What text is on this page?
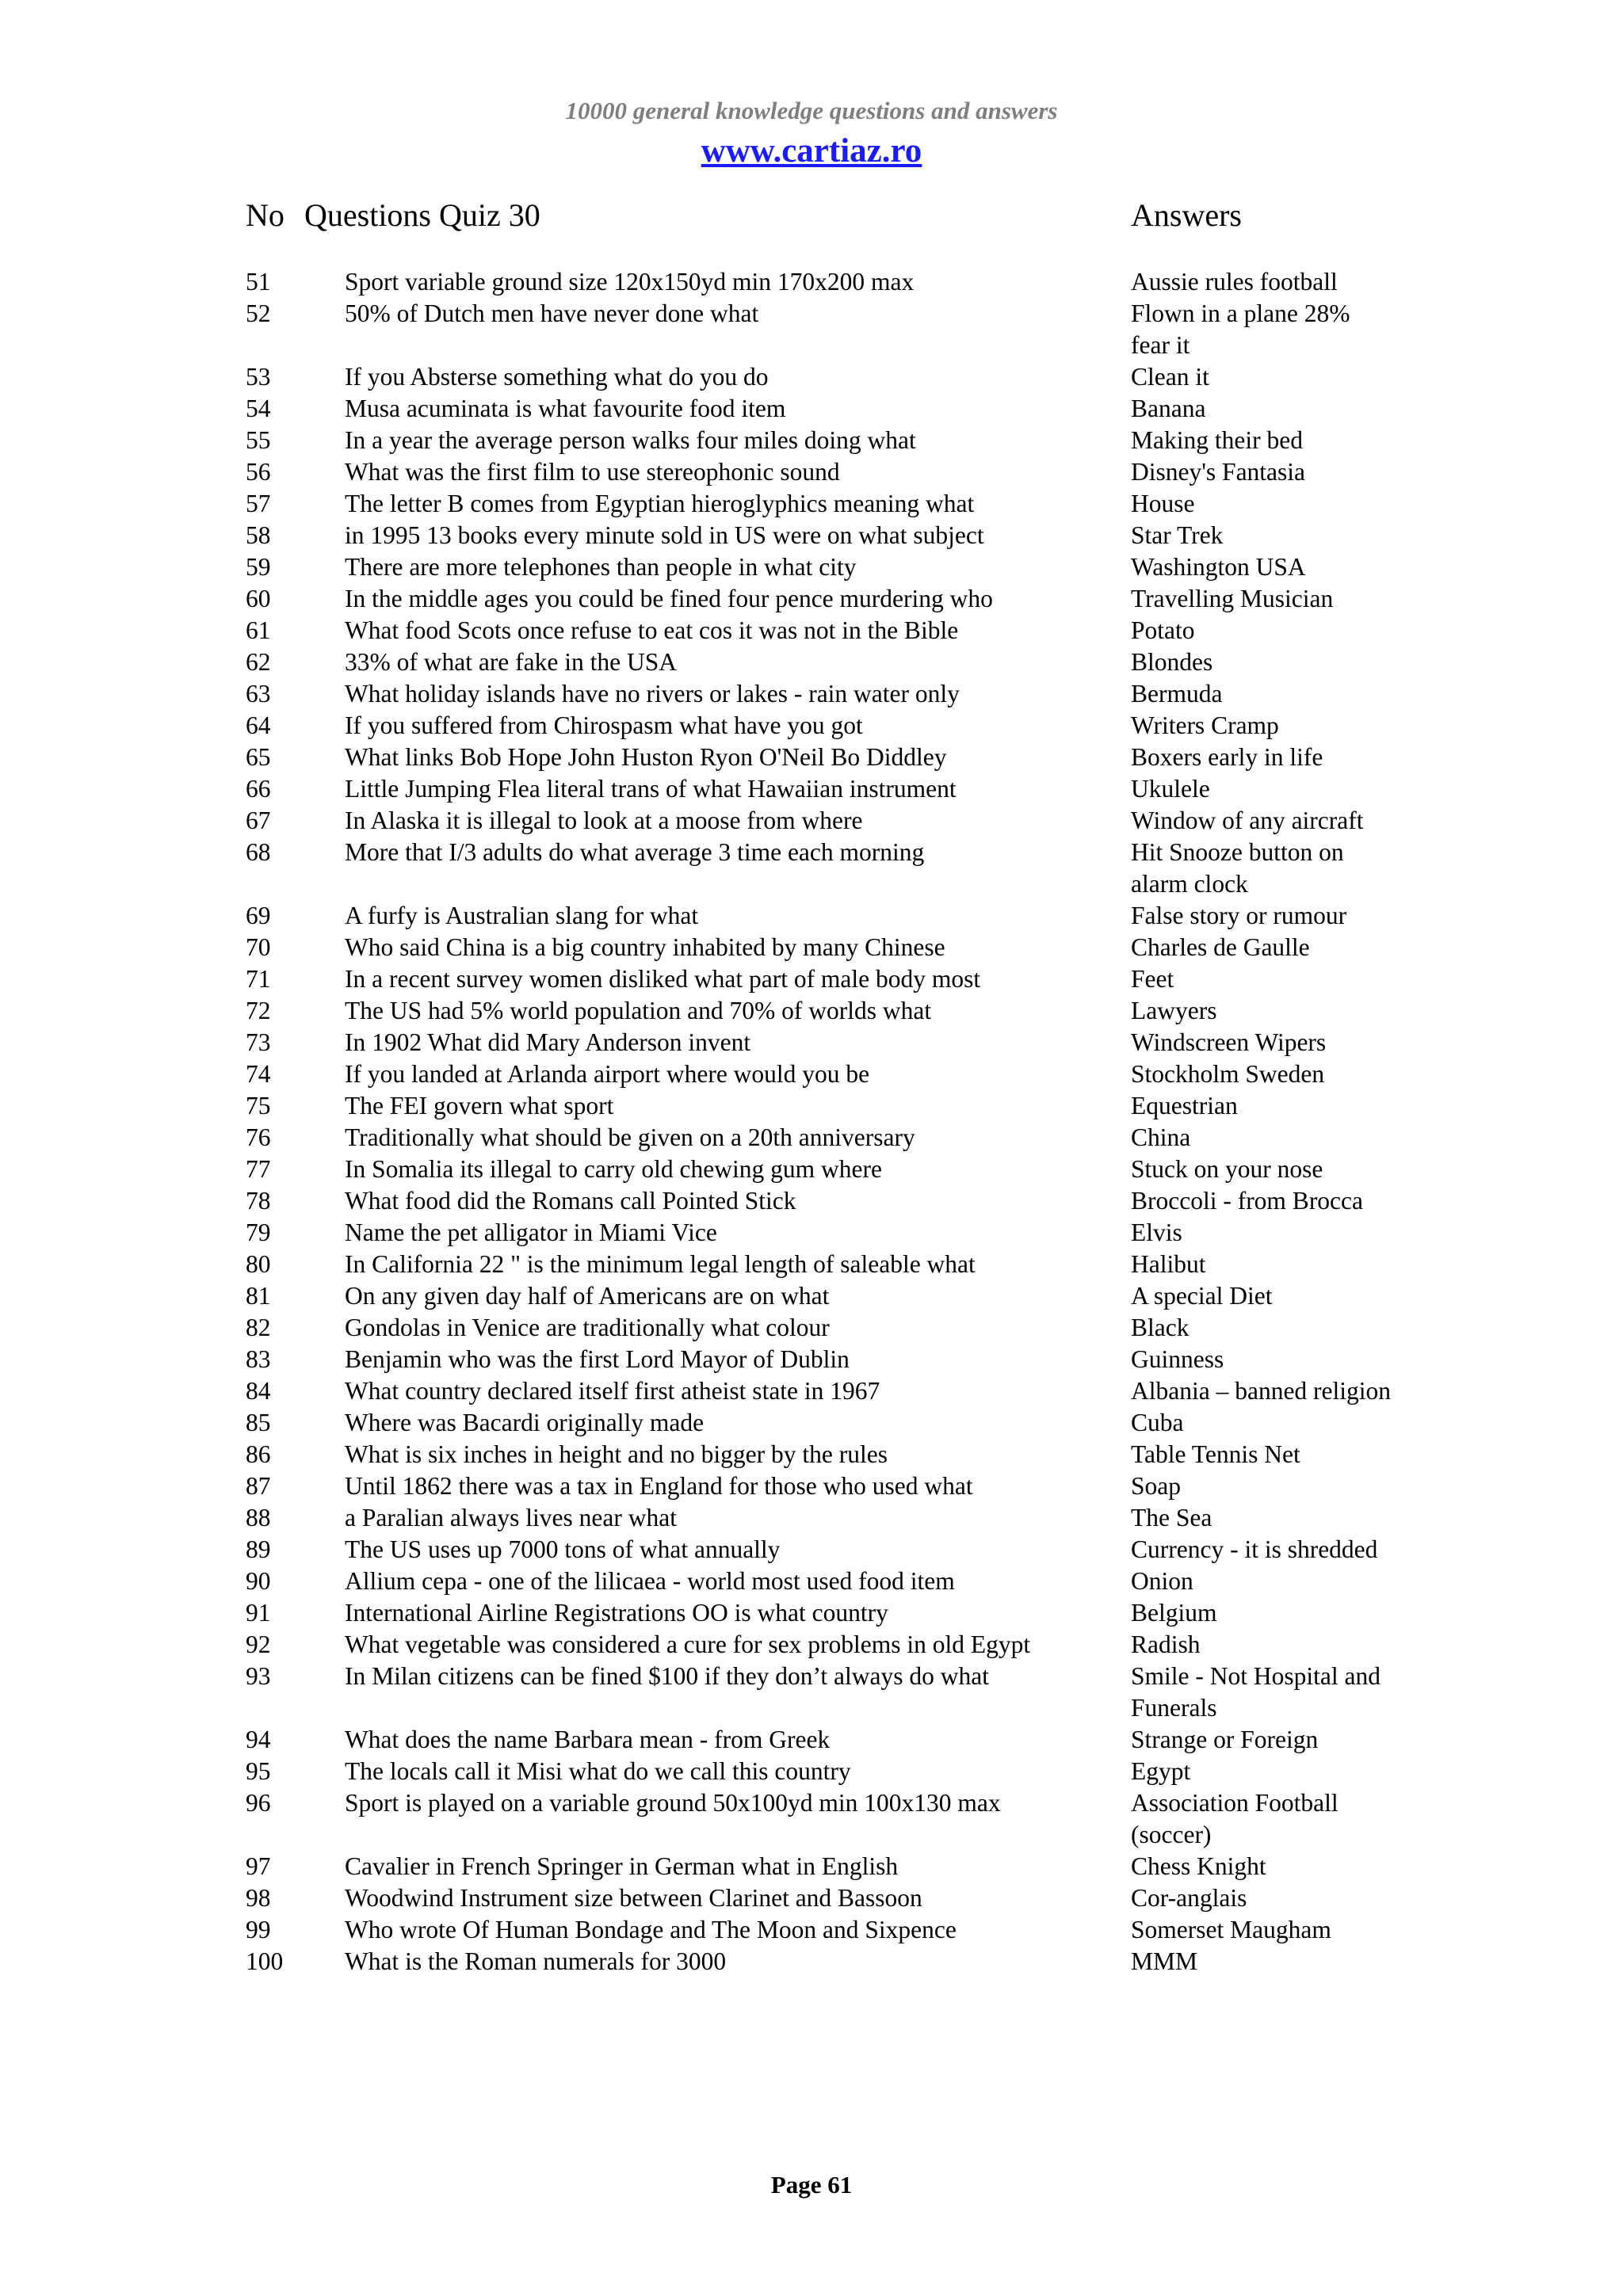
10000 general knowledge questions and answers
www.cartiaz.ro
No Questions Quiz 30	Answers
51	Sport variable ground size 120x150yd min 170x200 max	Aussie rules football
52	50% of Dutch men have never done what	Flown in a plane 28% fear it
53	If you Absterse something what do you do	Clean it
54	Musa acuminata is what favourite food item	Banana
55	In a year the average person walks four miles doing what	Making their bed
56	What was the first film to use stereophonic sound	Disney's Fantasia
57	The letter B comes from Egyptian hieroglyphics meaning what	House
58	in 1995 13 books every minute sold in US were on what subject	Star Trek
59	There are more telephones than people in what city	Washington USA
60	In the middle ages you could be fined four pence murdering who	Travelling Musician
61	What food Scots once refuse to eat cos it was not in the Bible	Potato
62	33% of what are fake in the USA	Blondes
63	What holiday islands have no rivers or lakes - rain water only	Bermuda
64	If you suffered from Chirospasm what have you got	Writers Cramp
65	What links Bob Hope John Huston Ryon O'Neil Bo Diddley	Boxers early in life
66	Little Jumping Flea literal trans of what Hawaiian instrument	Ukulele
67	In Alaska it is illegal to look at a moose from where	Window of any aircraft
68	More that I/3 adults do what average 3 time each morning	Hit Snooze button on alarm clock
69	A furfy is Australian slang for what	False story or rumour
70	Who said China is a big country inhabited by many Chinese	Charles de Gaulle
71	In a recent survey women disliked what part of male body most	Feet
72	The US had 5% world population and 70% of worlds what	Lawyers
73	In 1902 What did Mary Anderson invent	Windscreen Wipers
74	If you landed at Arlanda airport where would you be	Stockholm Sweden
75	The FEI govern what sport	Equestrian
76	Traditionally what should be given on a 20th anniversary	China
77	In Somalia its illegal to carry old chewing gum where	Stuck on your nose
78	What food did the Romans call Pointed Stick	Broccoli - from Brocca
79	Name the pet alligator in Miami Vice	Elvis
80	In California 22 " is the minimum legal length of saleable what	Halibut
81	On any given day half of Americans are on what	A special Diet
82	Gondolas in Venice are traditionally what colour	Black
83	Benjamin who was the first Lord Mayor of Dublin	Guinness
84	What country declared itself first atheist state in 1967	Albania – banned religion
85	Where was Bacardi originally made	Cuba
86	What is six inches in height and no bigger by the rules	Table Tennis Net
87	Until 1862 there was a tax in England for those who used what	Soap
88	a Paralian always lives near what	The Sea
89	The US uses up 7000 tons of what annually	Currency - it is shredded
90	Allium cepa - one of the lilicaea - world most used food item	Onion
91	International Airline Registrations OO is what country	Belgium
92	What vegetable was considered a cure for sex problems in old Egypt	Radish
93	In Milan citizens can be fined $100 if they don’t always do what	Smile - Not Hospital and Funerals
94	What does the name Barbara mean - from Greek	Strange or Foreign
95	The locals call it Misi what do we call this country	Egypt
96	Sport is played on a variable ground 50x100yd min 100x130 max	Association Football (soccer)
97	Cavalier in French Springer in German what in English	Chess Knight
98	Woodwind Instrument size between Clarinet and Bassoon	Cor-anglais
99	Who wrote Of Human Bondage and The Moon and Sixpence	Somerset Maugham
100 What is the Roman numerals for 3000	MMM
Page 61
